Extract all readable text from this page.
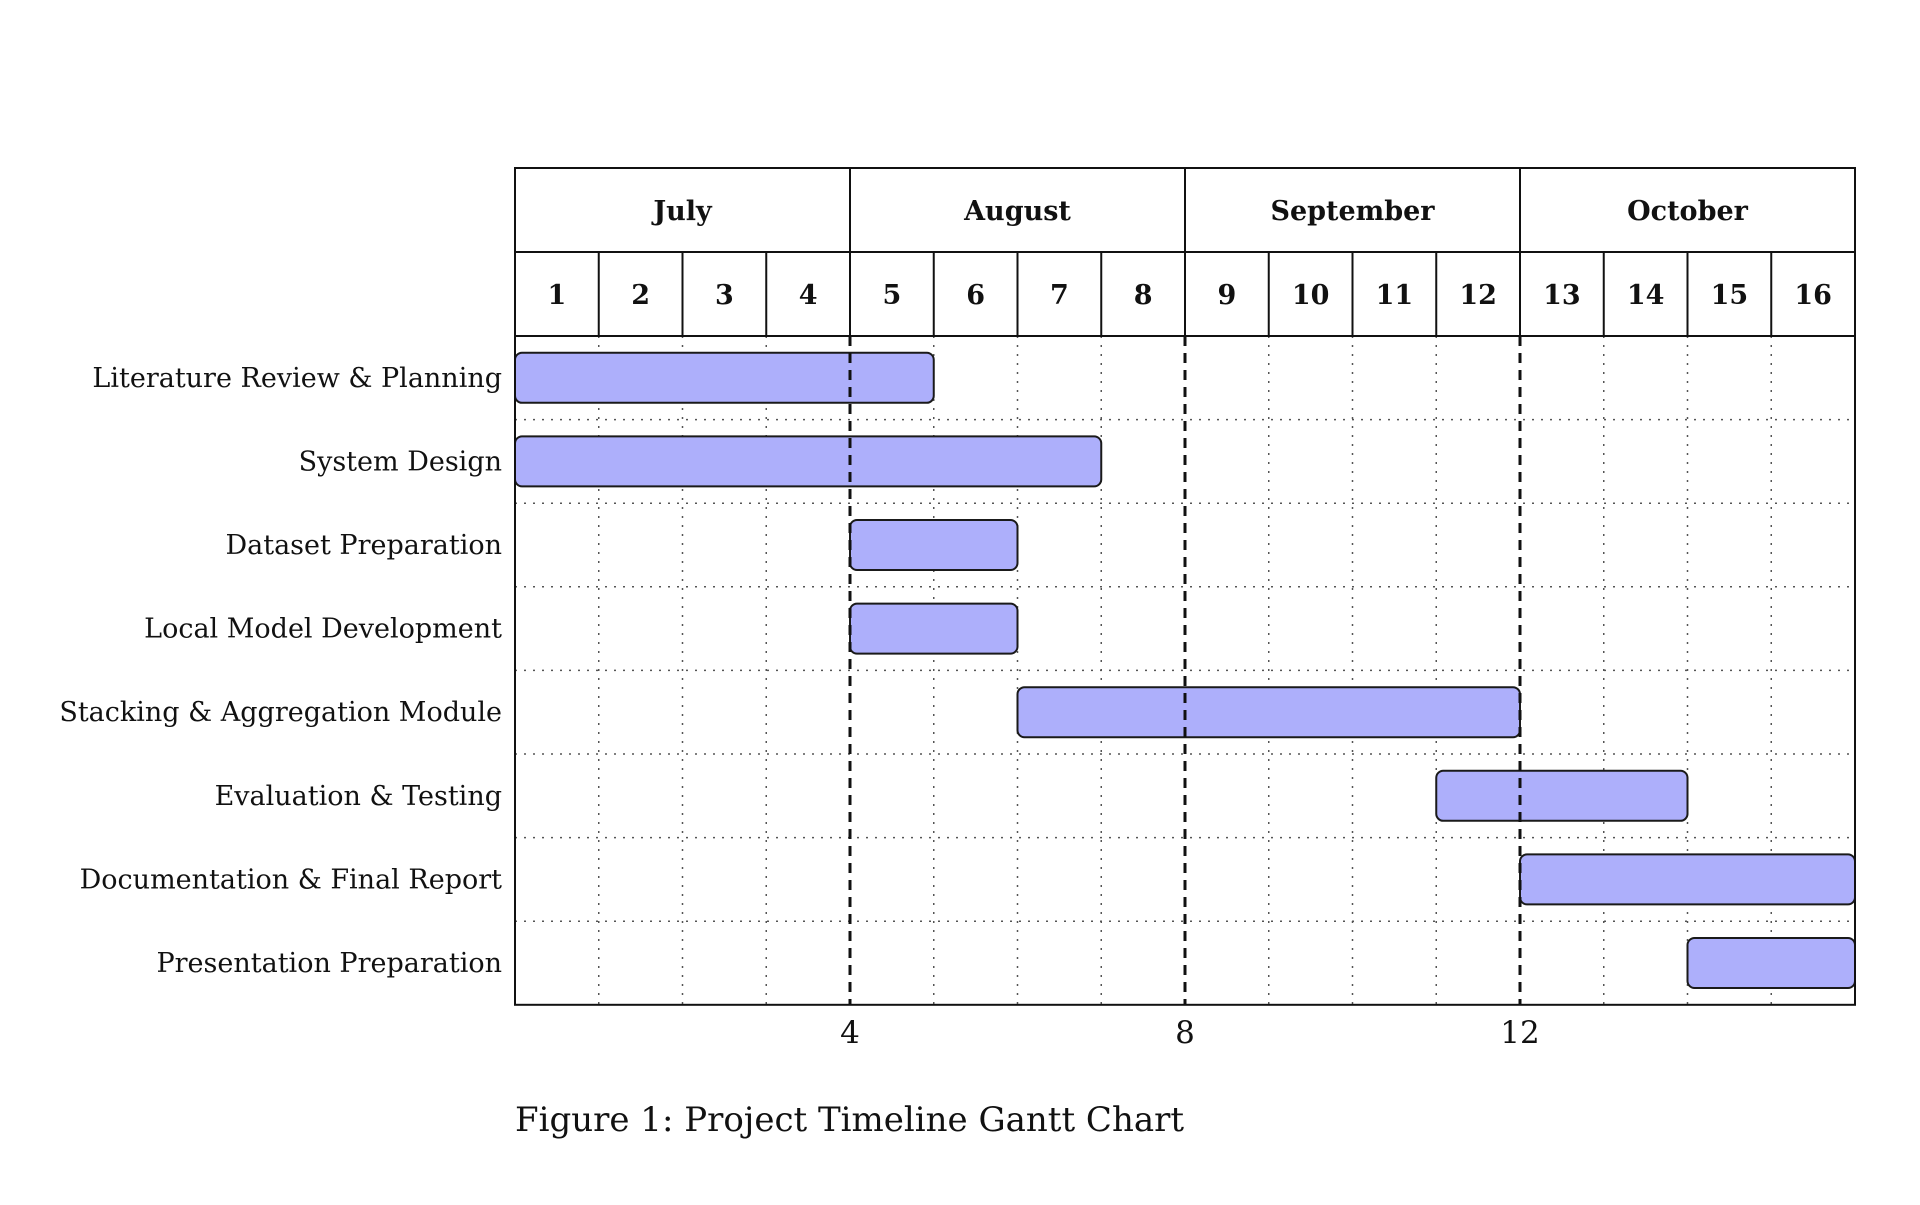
Literature Review & Planning
System Design
Dataset Preparation
Local Model Development
Stacking & Aggregation Module
Evaluation & Testing
Documentation & Final Report
Presentation Preparation
July	August	September	October
1 2 3 4 5 6 7 8 9 10 11 12 13 14 15 16
4	8	12
Figure 1: Project Timeline Gantt Chart
